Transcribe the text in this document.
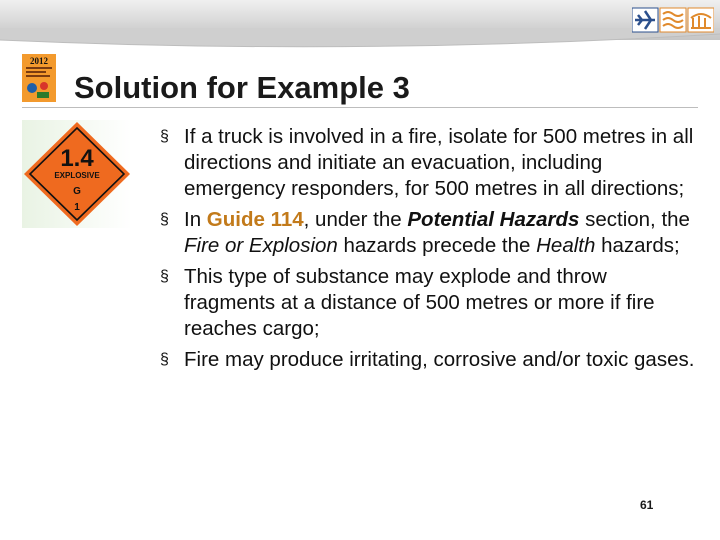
2012
Solution for Example 3
1.4
EXPLOSIVE
G
1
§ If a truck is involved in a fire, isolate for 500 metres in all directions and initiate an evacuation, including emergency responders, for 500 metres in all directions;
§ In Guide 114, under the Potential Hazards section, the Fire or Explosion hazards precede the Health hazards;
§ This type of substance may explode and throw fragments at a distance of 500 metres or more if fire reaches cargo;
§ Fire may produce irritating, corrosive and/or toxic gases.
61
